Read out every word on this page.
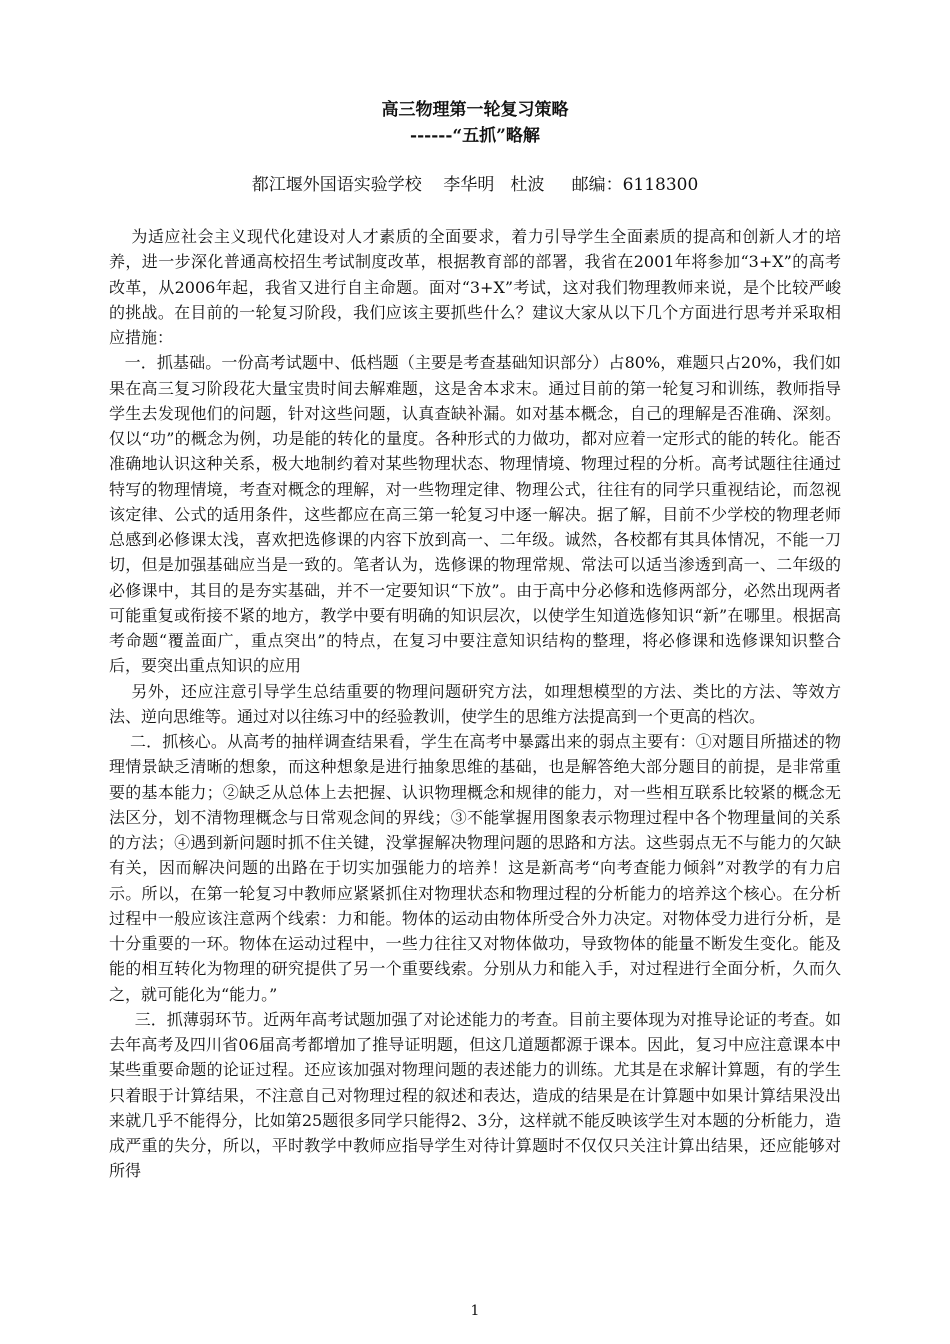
高三物理第一轮复习策略
------“五抓”略解
都江堰外国语实验学校    李华明   杜波     邮编：6118300

为适应社会主义现代化建设对人才素质的全面要求，着力引导学生全面素质的提高和创新人才的培养，进一步深化普通高校招生考试制度改革，根据教育部的部署，我省在2001年将参加“3+X”的高考改革，从2006年起，我省又进行自主命题。面对“3+X”考试，这对我们物理教师来说，是个比较严峻的挑战。在目前的一轮复习阶段，我们应该主要抓些什么？建议大家从以下几个方面进行思考并采取相应措施：

一．抓基础。一份高考试题中、低档题（主要是考查基础知识部分）占80%，难题只占20%，我们如果在高三复习阶段花大量宝贵时间去解难题，这是舍本求末。通过目前的第一轮复习和训练，教师指导学生去发现他们的问题，针对这些问题，认真查缺补漏。如对基本概念，自己的理解是否准确、深刻。仅以“功”的概念为例，功是能的转化的量度。各种形式的力做功，都对应着一定形式的能的转化。能否准确地认识这种关系，极大地制约着对某些物理状态、物理情境、物理过程的分析。高考试题往往通过特写的物理情境，考查对概念的理解，对一些物理定律、物理公式，往往有的同学只重视结论，而忽视该定律、公式的适用条件，这些都应在高三第一轮复习中逐一解决。据了解，目前不少学校的物理老师总感到必修课太浅，喜欢把选修课的内容下放到高一、二年级。诚然，各校都有其具体情况，不能一刀切，但是加强基础应当是一致的。笔者认为，选修课的物理常规、常法可以适当渗透到高一、二年级的必修课中，其目的是夯实基础，并不一定要知识“下放”。由于高中分必修和选修两部分，必然出现两者可能重复或衔接不紧的地方，教学中要有明确的知识层次，以使学生知道选修知识“新”在哪里。根据高考命题“覆盖面广，重点突出”的特点，在复习中要注意知识结构的整理，将必修课和选修课知识整合后，要突出重点知识的应用

另外，还应注意引导学生总结重要的物理问题研究方法，如理想模型的方法、类比的方法、等效方法、逆向思维等。通过对以往练习中的经验教训，使学生的思维方法提高到一个更高的档次。

二．抓核心。从高考的抽样调查结果看，学生在高考中暴露出来的弱点主要有：①对题目所描述的物理情景缺乏清晰的想象，而这种想象是进行抽象思维的基础，也是解答绝大部分题目的前提，是非常重要的基本能力；②缺乏从总体上去把握、认识物理概念和规律的能力，对一些相互联系比较紧的概念无法区分，划不清物理概念与日常观念间的界线；③不能掌握用图象表示物理过程中各个物理量间的关系的方法；④遇到新问题时抓不住关键，没掌握解决物理问题的思路和方法。这些弱点无不与能力的欠缺有关，因而解决问题的出路在于切实加强能力的培养！这是新高考“向考查能力倾斜”对教学的有力启示。所以，在第一轮复习中教师应紧紧抓住对物理状态和物理过程的分析能力的培养这个核心。在分析过程中一般应该注意两个线索：力和能。物体的运动由物体所受合外力决定。对物体受力进行分析，是十分重要的一环。物体在运动过程中，一些力往往又对物体做功，导致物体的能量不断发生变化。能及能的相互转化为物理的研究提供了另一个重要线索。分别从力和能入手，对过程进行全面分析，久而久之，就可能化为“能力。”

三．抓薄弱环节。近两年高考试题加强了对论述能力的考查。目前主要体现为对推导论证的考查。如去年高考及四川省06届高考都增加了推导证明题，但这几道题都源于课本。因此，复习中应注意课本中某些重要命题的论证过程。还应该加强对物理问题的表述能力的训练。尤其是在求解计算题，有的学生只着眼于计算结果，不注意自己对物理过程的叙述和表达，造成的结果是在计算题中如果计算结果没出来就几乎不能得分，比如第25题很多同学只能得2、3分，这样就不能反映该学生对本题的分析能力，造成严重的失分，所以，平时教学中教师应指导学生对待计算题时不仅仅只关注计算出结果，还应能够对所得

1
